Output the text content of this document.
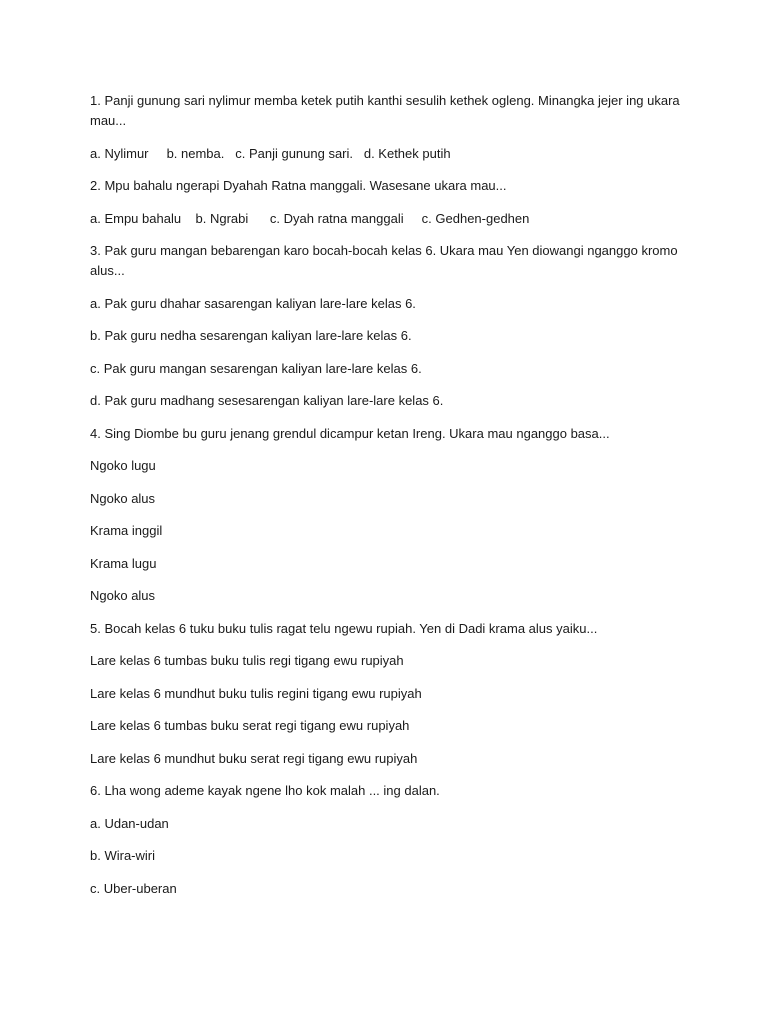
1. Panji gunung sari nylimur memba ketek putih kanthi sesulih kethek ogleng. Minangka jejer ing ukara mau...

a. Nylimur     b. nemba.   c. Panji gunung sari.   d. Kethek putih

2. Mpu bahalu ngerapi Dyahah Ratna manggali. Wasesane ukara mau...

a. Empu bahalu    b. Ngrabi      c. Dyah ratna manggali     c. Gedhen-gedhen

3. Pak guru mangan bebarengan karo bocah-bocah kelas 6. Ukara mau Yen diowangi nganggo kromo alus...

a. Pak guru dhahar sasarengan kaliyan lare-lare kelas 6.

b. Pak guru nedha sesarengan kaliyan lare-lare kelas 6.

c. Pak guru mangan sesarengan kaliyan lare-lare kelas 6.

d. Pak guru madhang sesesarengan kaliyan lare-lare kelas 6.

4. Sing Diombe bu guru jenang grendul dicampur ketan Ireng. Ukara mau nganggo basa...

Ngoko lugu

Ngoko alus

Krama inggil

Krama lugu

Ngoko alus

5. Bocah kelas 6 tuku buku tulis ragat telu ngewu rupiah. Yen di Dadi krama alus yaiku...

Lare kelas 6 tumbas buku tulis regi tigang ewu rupiyah

Lare kelas 6 mundhut buku tulis regini tigang ewu rupiyah

Lare kelas 6 tumbas buku serat regi tigang ewu rupiyah

Lare kelas 6 mundhut buku serat regi tigang ewu rupiyah

6. Lha wong ademe kayak ngene lho kok malah ... ing dalan.

a. Udan-udan

b. Wira-wiri

c. Uber-uberan
